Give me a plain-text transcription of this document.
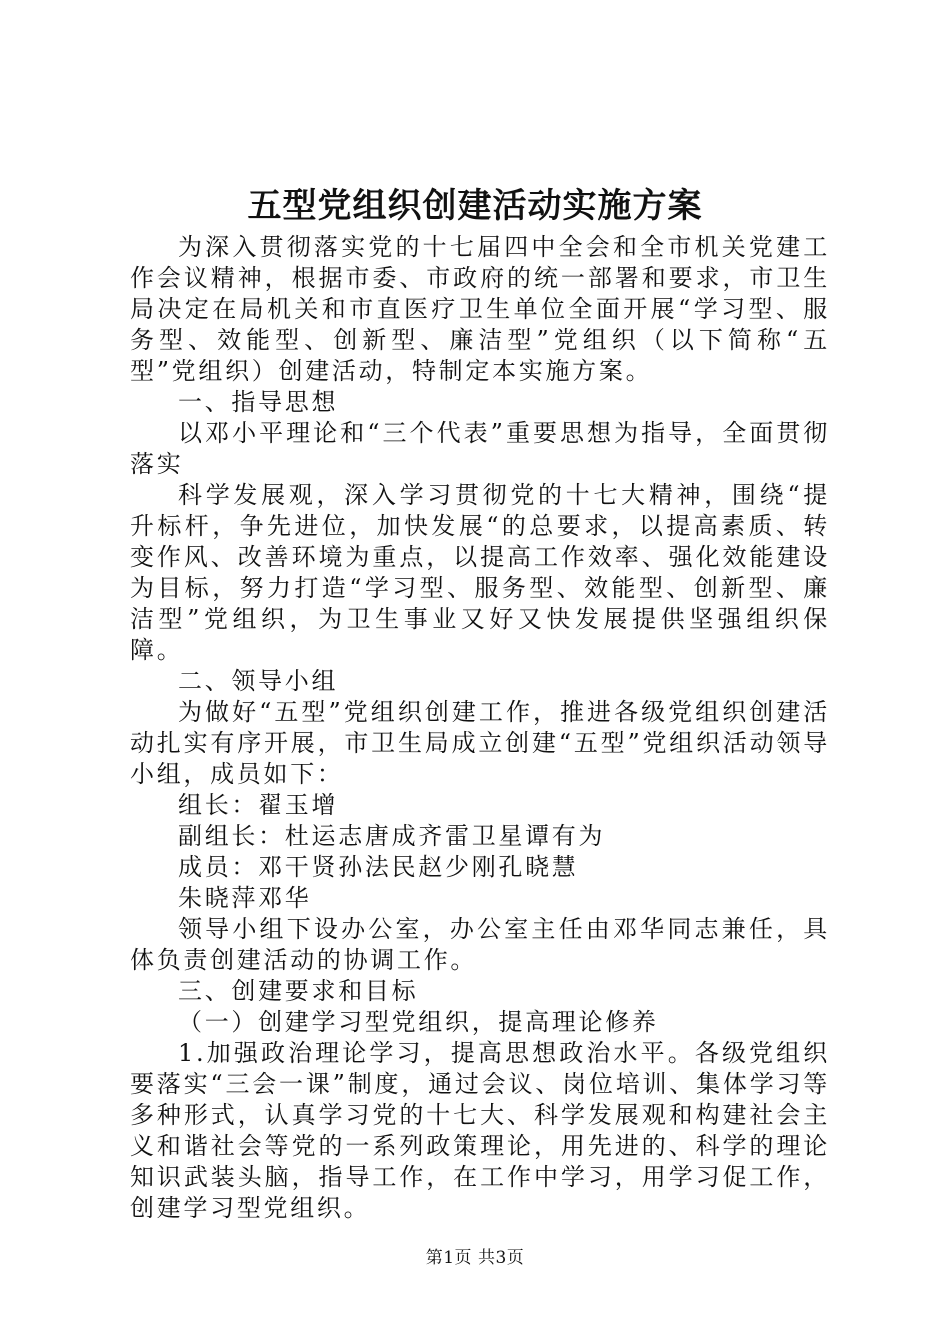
五型党组织创建活动实施方案

为深入贯彻落实党的十七届四中全会和全市机关党建工作会议精神，根据市委、市政府的统一部署和要求，市卫生局决定在局机关和市直医疗卫生单位全面开展“学习型、服务型、效能型、创新型、廉洁型”党组织（以下简称“五型”党组织）创建活动，特制定本实施方案。

一、指导思想

以邓小平理论和“三个代表”重要思想为指导，全面贯彻落实

科学发展观，深入学习贯彻党的十七大精神，围绕“提升标杆，争先进位，加快发展“的总要求，以提高素质、转变作风、改善环境为重点，以提高工作效率、强化效能建设为目标，努力打造“学习型、服务型、效能型、创新型、廉洁型”党组织，为卫生事业又好又快发展提供坚强组织保障。

二、领导小组

为做好“五型”党组织创建工作，推进各级党组织创建活动扎实有序开展，市卫生局成立创建“五型”党组织活动领导小组，成员如下：

组长：翟玉增

副组长：杜运志唐成齐雷卫星谭有为

成员：邓干贤孙法民赵少刚孔晓慧

朱晓萍邓华

领导小组下设办公室，办公室主任由邓华同志兼任，具体负责创建活动的协调工作。

三、创建要求和目标

（一）创建学习型党组织，提高理论修养

1.加强政治理论学习，提高思想政治水平。各级党组织要落实“三会一课”制度，通过会议、岗位培训、集体学习等多种形式，认真学习党的十七大、科学发展观和构建社会主义和谐社会等党的一系列政策理论，用先进的、科学的理论知识武装头脑，指导工作，在工作中学习，用学习促工作，创建学习型党组织。

第1页 共3页
